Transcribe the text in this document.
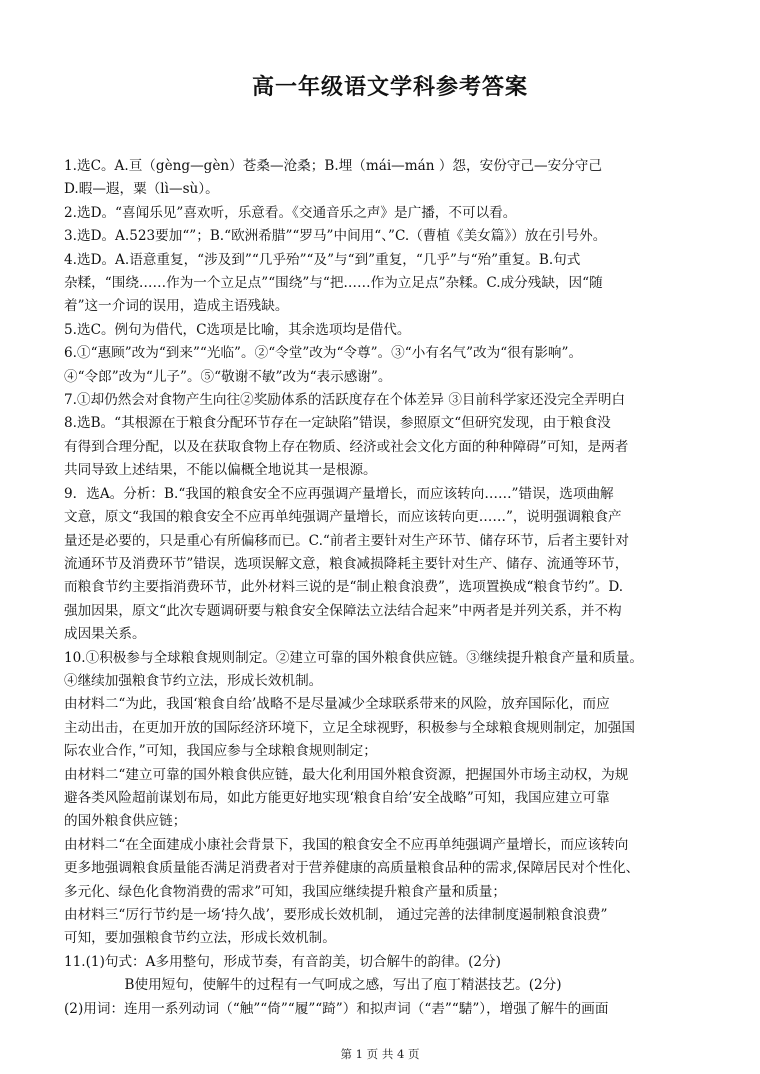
高一年级语文学科参考答案
1.选C。A.亘（gèng—gèn）苍桑—沧桑；B.埋（mái—mán ）怨，安份守己—安分守己
D.暇—遐，粟（lì—sù）。
2.选D。“喜闻乐见”喜欢听，乐意看。《交通音乐之声》是广播，不可以看。
3.选D。A.523要加“”；B.“欧洲希腊”“罗马”中间用“、”C.（曹植《美女篇》）放在引号外。
4.选D。A.语意重复，“涉及到”“几乎殆”“及”与“到”重复，“几乎”与“殆”重复。B.句式
杂糅，“围绕……作为一个立足点”“围绕”与“把……作为立足点”杂糅。C.成分残缺，因“随
着”这一介词的误用，造成主语残缺。
5.选C。例句为借代，C选项是比喻，其余选项均是借代。
6.①“惠顾”改为“到来”“光临”。②“令堂”改为“令尊”。③“小有名气”改为“很有影响”。
④“令郎”改为“儿子”。⑤“敬谢不敏”改为“表示感谢”。
7.①却仍然会对食物产生向往②奖励体系的活跃度存在个体差异 ③目前科学家还没完全弄明白
8.选B。“其根源在于粮食分配环节存在一定缺陷”错误，参照原文“但研究发现，由于粮食没
有得到合理分配，以及在获取食物上存在物质、经济或社会文化方面的种种障碍”可知，是两者
共同导致上述结果，不能以偏概全地说其一是根源。
9．选A。分析：B.“我国的粮食安全不应再强调产量增长，而应该转向……”错误，选项曲解
文意，原文“我国的粮食安全不应再单纯强调产量增长，而应该转向更……”，说明强调粮食产
量还是必要的，只是重心有所偏移而已。C.“前者主要针对生产环节、储存环节，后者主要针对
流通环节及消费环节”错误，选项误解文意，粮食减损降耗主要针对生产、储存、流通等环节，
而粮食节约主要指消费环节，此外材料三说的是“制止粮食浪费”，选项置换成“粮食节约”。D.
强加因果，原文“此次专题调研要与粮食安全保障法立法结合起来”中两者是并列关系，并不构
成因果关系。
10.①积极参与全球粮食规则制定。②建立可靠的国外粮食供应链。③继续提升粮食产量和质量。
④继续加强粮食节约立法，形成长效机制。
由材料二“为此，我国‘粮食自给’战略不是尽量减少全球联系带来的风险，放弃国际化，而应
主动出击，在更加开放的国际经济环境下，立足全球视野，积极参与全球粮食规则制定，加强国
际农业合作，”可知，我国应参与全球粮食规则制定；
由材料二“建立可靠的国外粮食供应链，最大化利用国外粮食资源，把握国外市场主动权，为规
避各类风险超前谋划布局，如此方能更好地实现‘粮食自给’安全战略”可知，我国应建立可靠
的国外粮食供应链；
由材料二“在全面建成小康社会背景下，我国的粮食安全不应再单纯强调产量增长，而应该转向
更多地强调粮食质量能否满足消费者对于营养健康的高质量粮食品种的需求,保障居民对个性化、
多元化、绿色化食物消费的需求”可知，我国应继续提升粮食产量和质量；
由材料三“厉行节约是一场‘持久战’，要形成长效机制， 通过完善的法律制度遏制粮食浪费”
可知，要加强粮食节约立法，形成长效机制。
11.(1)句式：A多用整句，形成节奏，有音韵美，切合解牛的韵律。(2分)
B使用短句，使解牛的过程有一气呵成之感，写出了庖丁精湛技艺。(2分)
(2)用词：连用一系列动词（“触”“倚”“履”“踦”）和拟声词（“砉”“騞”），增强了解牛的画面
第 1 页 共 4 页
